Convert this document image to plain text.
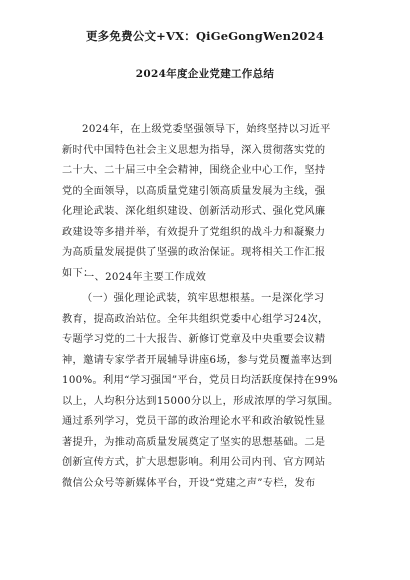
更多免费公文+VX：QiGeGongWen2024
2024年度企业党建工作总结
2024年，在上级党委坚强领导下，始终坚持以习近平
新时代中国特色社会主义思想为指导，深入贯彻落实党的
二十大、二十届三中全会精神，围绕企业中心工作，坚持
党的全面领导，以高质量党建引领高质量发展为主线，强
化理论武装、深化组织建设、创新活动形式、强化党风廉
政建设等多措并举，有效提升了党组织的战斗力和凝聚力
为高质量发展提供了坚强的政治保证。现将相关工作汇报
如下：
一、2024年主要工作成效
（一）强化理论武装，筑牢思想根基。一是深化学习
教育，提高政治站位。全年共组织党委中心组学习24次，
专题学习党的二十大报告、新修订党章及中央重要会议精
神，邀请专家学者开展辅导讲座6场，参与党员覆盖率达到
100%。利用“学习强国”平台，党员日均活跃度保持在99%
以上，人均积分达到15000分以上，形成浓厚的学习氛围。
通过系列学习，党员干部的政治理论水平和政治敏锐性显
著提升，为推动高质量发展奠定了坚实的思想基础。二是
创新宣传方式，扩大思想影响。利用公司内刊、官方网站
微信公众号等新媒体平台，开设“党建之声”专栏，发布
